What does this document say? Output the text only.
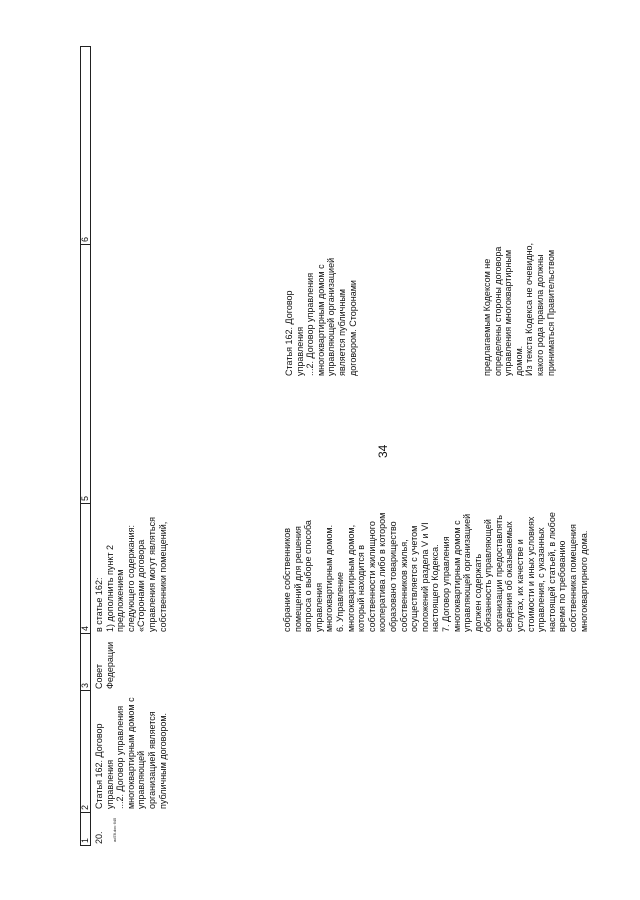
34
1
2
3
4
5
6
20.
Статья 162. Договор
управления
...2. Договор управления
многоквартирным домом с
управляющей
организацией является
публичным договором.
Совет
Федерации
в статье 162:
1) дополнить пункт 2
предложением
следующего содержания:
«Сторонами договора
управления могут являться
собственники помещений,
собрание собственников
помещений для решения
вопроса о выборе способа
управления
многоквартирным домом.
6. Управление
многоквартирным домом,
который находится в
собственности жилищного
кооператива либо в котором
образовано товарищество
собственников жилья,
осуществляется с учетом
положений раздела V и VI
настоящего Кодекса.
7. Договор управления
многоквартирным домом с
управляющей организацией
должен содержать
обязанность управляющей
организации предоставлять
сведения об оказываемых
услугах, их качестве и
стоимости и иных условиях
управления, с указанных
настоящей статьей, в любое
время по требованию
собственника помещения
многоквартирного дома.
Статья 162. Договор
управления
...2. Договор управления
многоквартирным домом с
управляющей организацией
является публичным
договором. Сторонами
предлагаемым Кодексом не
определены стороны договора
управления многоквартирным
домом.
Из текста Кодекса не очевидно,
какого рода правила должны
приниматься Правительством
ad78.doc 645
